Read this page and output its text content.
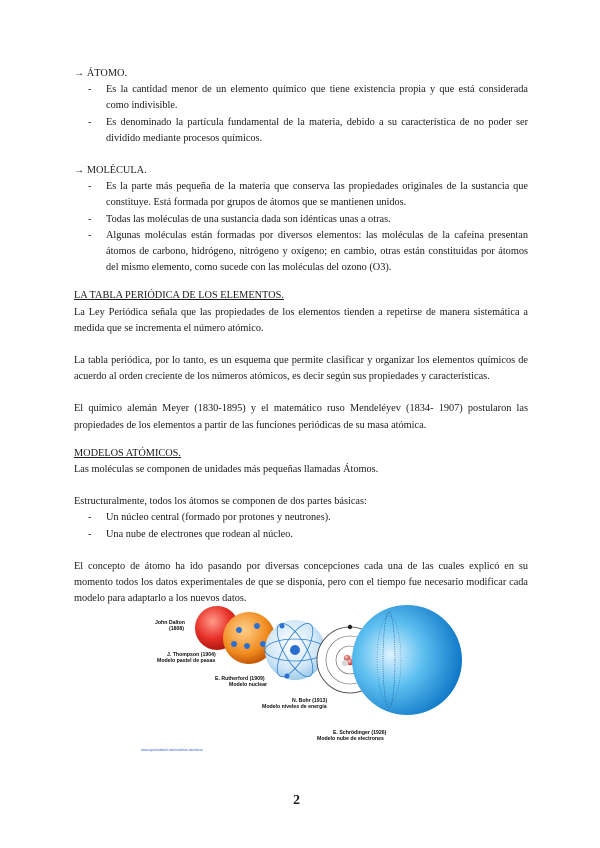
→ ÁTOMO.

- Es la cantidad menor de un elemento químico que tiene existencia propia y que está considerada como indivisible.
- Es denominado la partícula fundamental de la materia, debido a su característica de no poder ser dividido mediante procesos químicos.

→ MOLÉCULA.

- Es la parte más pequeña de la materia que conserva las propiedades originales de la sustancia que constituye. Está formada por grupos de átomos que se mantienen unidos.
- Todas las moléculas de una sustancia dada son idénticas unas a otras.
- Algunas moléculas están formadas por diversos elementos: las moléculas de la cafeína presentan átomos de carbono, hidrógeno, nitrógeno y oxígeno; en cambio, otras están constituidas por átomos del mismo elemento, como sucede con las moléculas del ozono (O3).

LA TABLA PERIÓDICA DE LOS ELEMENTOS.

La Ley Periódica señala que las propiedades de los elementos tienden a repetirse de manera sistemática a medida que se incrementa el número atómico.

La tabla periódica, por lo tanto, es un esquema que permite clasificar y organizar los elementos químicos de acuerdo al orden creciente de los números atómicos, es decir según sus propiedades y características.

El químico alemán Meyer (1830-1895) y el matemático ruso Mendeléyev (1834- 1907) postularon las propiedades de los elementos a partir de las funciones periódicas de su masa atómica.

MODELOS ATÓMICOS.

Las moléculas se componen de unidades más pequeñas llamadas Átomos.

Estructuralmente, todos los átomos se componen de dos partes básicas:

- Un núcleo central (formado por protones y neutrones).
- Una nube de electrones que rodean al núcleo.

El concepto de átomo ha ido pasando por diversas concepciones cada una de las cuales explicó en su momento todos los datos experimentales de que se disponía, pero con el tiempo fue necesario modificar cada modelo para adaptarlo a los nuevos datos.

John Dalton
(1808)
J. Thompson (1904)
Modelo pastel de pasas
E. Rutherford (1909)
Modelo nuclear
N. Bohr (1913)
Modelo niveles de energía
E. Schrödinger (1926)
Modelo nube de electrones
www.quimicafacil.net/modelos-atomicos
2
